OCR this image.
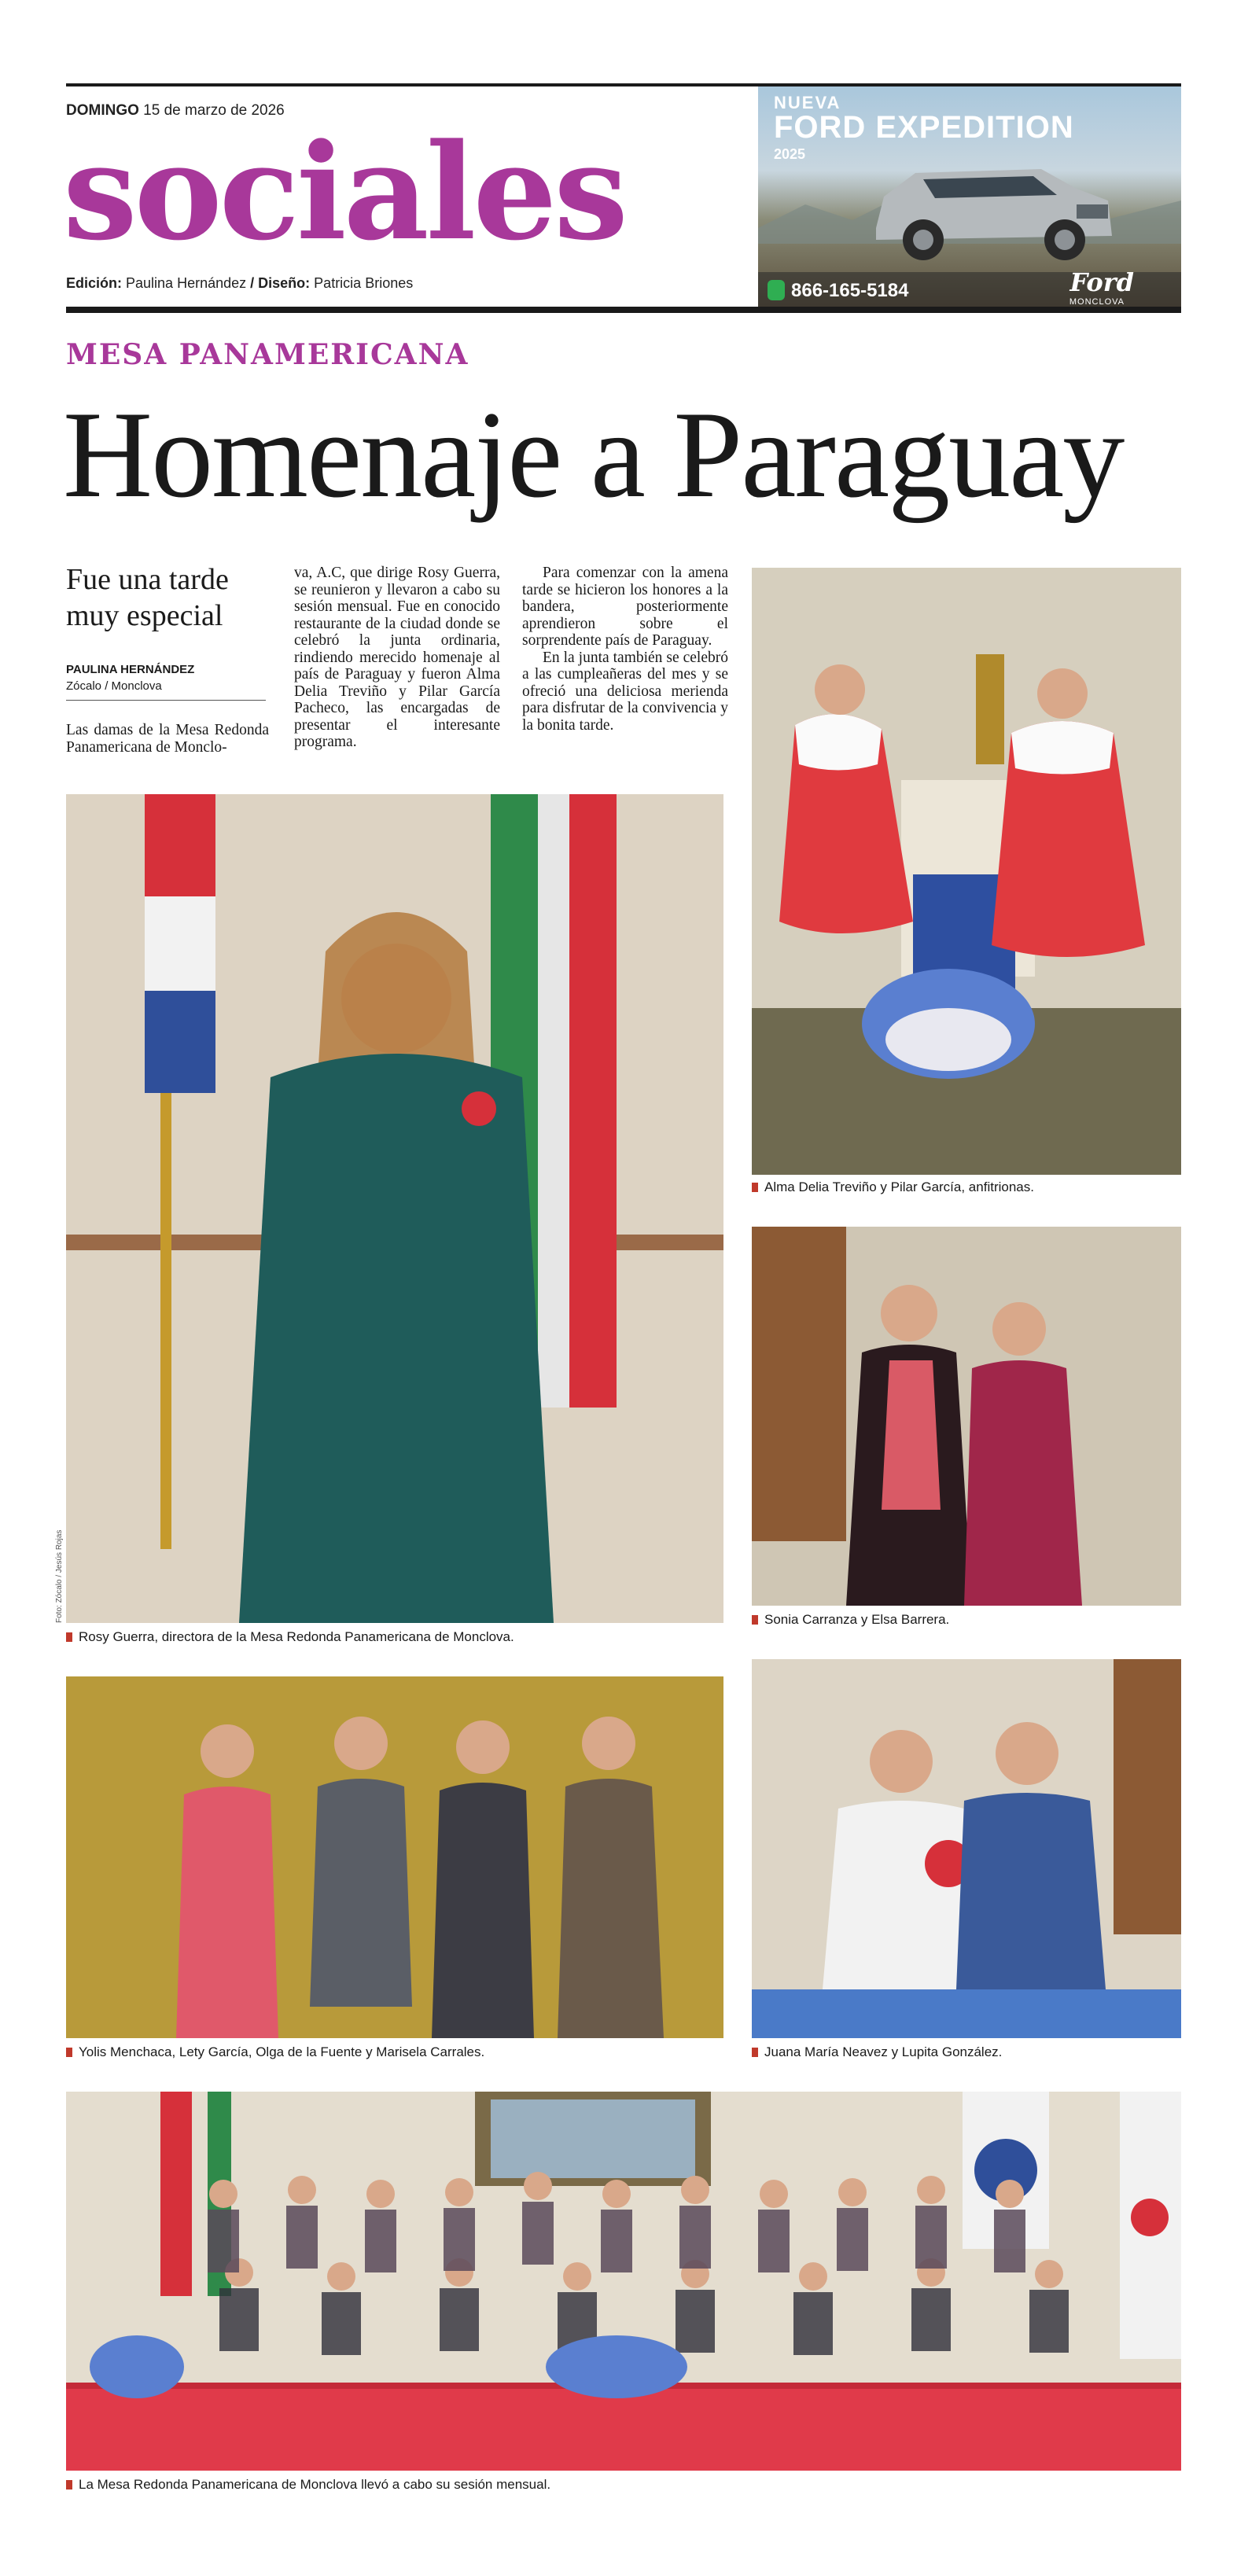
DOMINGO 15 de marzo de 2026
sociales
Edición: Paulina Hernández / Diseño: Patricia Briones
NUEVA
FORD EXPEDITION
2025
866-165-5184	Ford
MONCLOVA
MESA PANAMERICANA
Homenaje a Paraguay
Fue una tarde muy especial
PAULINA HERNÁNDEZ
Zócalo / Monclova
Las damas de la Mesa Redonda Panamericana de Monclo-
va, A.C, que dirige Rosy Guerra, se reunieron y llevaron a cabo su sesión mensual. Fue en conocido restaurante de la ciudad donde se celebró la junta ordinaria, rindiendo merecido homenaje al país de Paraguay y fueron Alma Delia Treviño y Pilar García Pacheco, las encargadas de presentar el interesante programa.

Para comenzar con la amena tarde se hicieron los honores a la bandera, posteriormente aprendieron sobre el sorprendente país de Paraguay.

En la junta también se celebró a las cumpleañeras del mes y se ofreció una deliciosa merienda para disfrutar de la convivencia y la bonita tarde.

Alma Delia Treviño y Pilar García, anfitrionas.
Foto: Zócalo / Jesús Rojas
Rosy Guerra, directora de la Mesa Redonda Panamericana de Monclova.
Sonia Carranza y Elsa Barrera.
Yolis Menchaca, Lety García, Olga de la Fuente y Marisela Carrales.	Juana María Neavez y Lupita González.
La Mesa Redonda Panamericana de Monclova llevó a cabo su sesión mensual.
